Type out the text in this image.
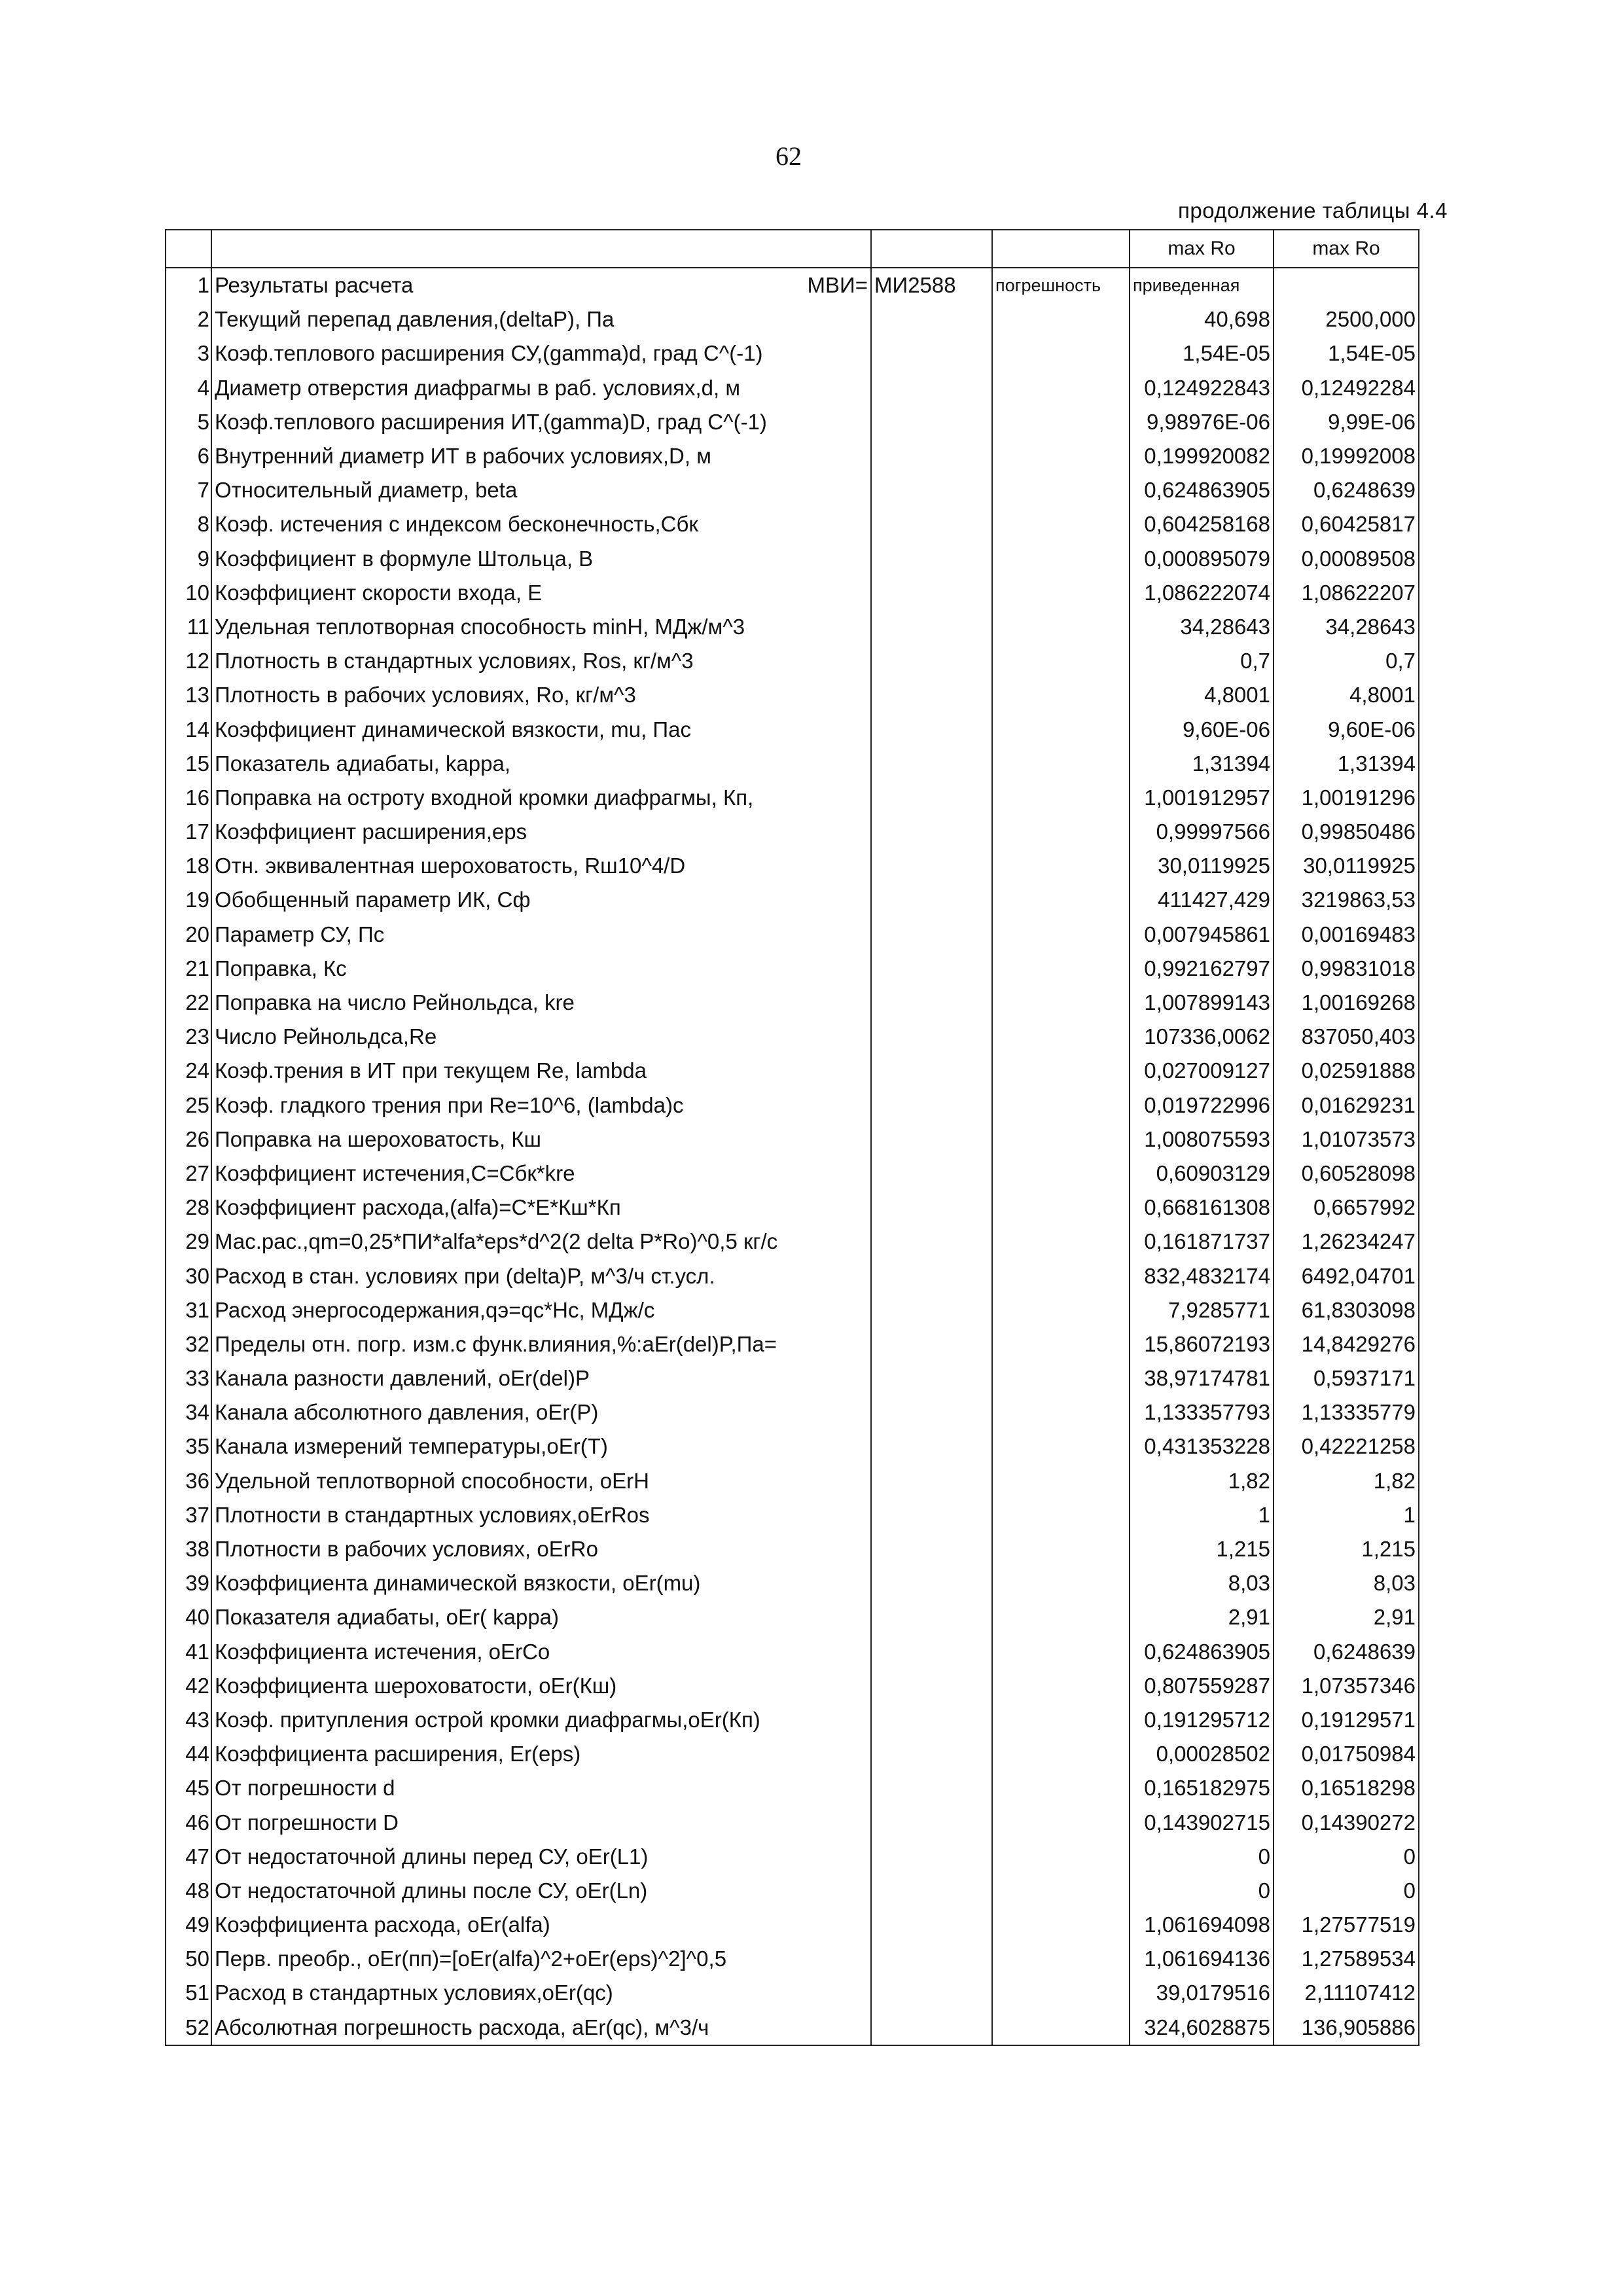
62
продолжение таблицы 4.4
				max Ro	max Ro
1	Результаты расчета МВИ=	МИ2588	погрешность	приведенная	
2	Текущий перепад давления,(deltaP), Па			40,698	2500,000
3	Коэф.теплового расширения СУ,(gamma)d, град С^(-1)			1,54E-05	1,54E-05
4	Диаметр отверстия диафрагмы в раб. условиях,d, м			0,124922843	0,12492284
5	Коэф.теплового расширения ИТ,(gamma)D, град С^(-1)			9,98976E-06	9,99E-06
6	Внутренний диаметр ИТ в рабочих условиях,D, м			0,199920082	0,19992008
7	Относительный диаметр, beta			0,624863905	0,6248639
8	Коэф. истечения с индексом бесконечность,Сбк			0,604258168	0,60425817
9	Коэффициент в формуле Штольца, В			0,000895079	0,00089508
10	Коэффициент скорости входа, Е			1,086222074	1,08622207
11	Удельная теплотворная способность minH, МДж/м^3			34,28643	34,28643
12	Плотность в стандартных условиях, Ros, кг/м^3			0,7	0,7
13	Плотность в рабочих условиях, Ro, кг/м^3			4,8001	4,8001
14	Коэффициент динамической вязкости, mu, Пас			9,60E-06	9,60E-06
15	Показатель адиабаты, kappa,			1,31394	1,31394
16	Поправка на остроту входной кромки диафрагмы, Кп,			1,001912957	1,00191296
17	Коэффициент расширения,eps			0,99997566	0,99850486
18	Отн. эквивалентная шероховатость, Rш10^4/D			30,0119925	30,0119925
19	Обобщенный параметр ИК, Сф			411427,429	3219863,53
20	Параметр СУ, Пс			0,007945861	0,00169483
21	Поправка, Кс			0,992162797	0,99831018
22	Поправка на число Рейнольдса, kre			1,007899143	1,00169268
23	Число Рейнольдса,Re			107336,0062	837050,403
24	Коэф.трения в ИТ при текущем Re, lambda			0,027009127	0,02591888
25	Коэф. гладкого трения при Re=10^6, (lambda)c			0,019722996	0,01629231
26	Поправка на шероховатость, Кш			1,008075593	1,01073573
27	Коэффициент истечения,С=Сбк*kre			0,60903129	0,60528098
28	Коэффициент расхода,(alfa)=С*Е*Кш*Кп			0,668161308	0,6657992
29	Мас.рас.,qm=0,25*ПИ*alfa*eps*d^2(2 delta P*Ro)^0,5 кг/с			0,161871737	1,26234247
30	Расход в стан. условиях при (delta)P, м^3/ч ст.усл.			832,4832174	6492,04701
31	Расход энергосодержания,qэ=qc*Нс, МДж/с			7,9285771	61,8303098
32	Пределы отн. погр. изм.с функ.влияния,%:aEr(del)P,Па=			15,86072193	14,8429276
33	Канала разности давлений, oEr(del)P			38,97174781	0,5937171
34	Канала абсолютного давления, oEr(P)			1,133357793	1,13335779
35	Канала измерений температуры,oEr(T)			0,431353228	0,42221258
36	Удельной теплотворной способности, oErH			1,82	1,82
37	Плотности в стандартных условиях,oErRos			1	1
38	Плотности в рабочих условиях, oErRo			1,215	1,215
39	Коэффициента динамической вязкости, oEr(mu)			8,03	8,03
40	Показателя адиабаты, oEr( kappa)			2,91	2,91
41	Коэффициента истечения, oErCo			0,624863905	0,6248639
42	Коэффициента шероховатости, oEr(Кш)			0,807559287	1,07357346
43	Коэф. притупления острой кромки диафрагмы,oEr(Кп)			0,191295712	0,19129571
44	Коэффициента расширения, Er(eps)			0,00028502	0,01750984
45	От погрешности d			0,165182975	0,16518298
46	От погрешности D			0,143902715	0,14390272
47	От недостаточной длины перед СУ, oEr(L1)			0	0
48	От недостаточной длины после СУ, oEr(Ln)			0	0
49	Коэффициента расхода, oEr(alfa)			1,061694098	1,27577519
50	Перв. преобр., oEr(пп)=[oEr(alfa)^2+oEr(eps)^2]^0,5			1,061694136	1,27589534
51	Расход в стандартных условиях,oEr(qc)			39,0179516	2,11107412
52	Абсолютная погрешность расхода, aEr(qc), м^3/ч			324,6028875	136,905886
